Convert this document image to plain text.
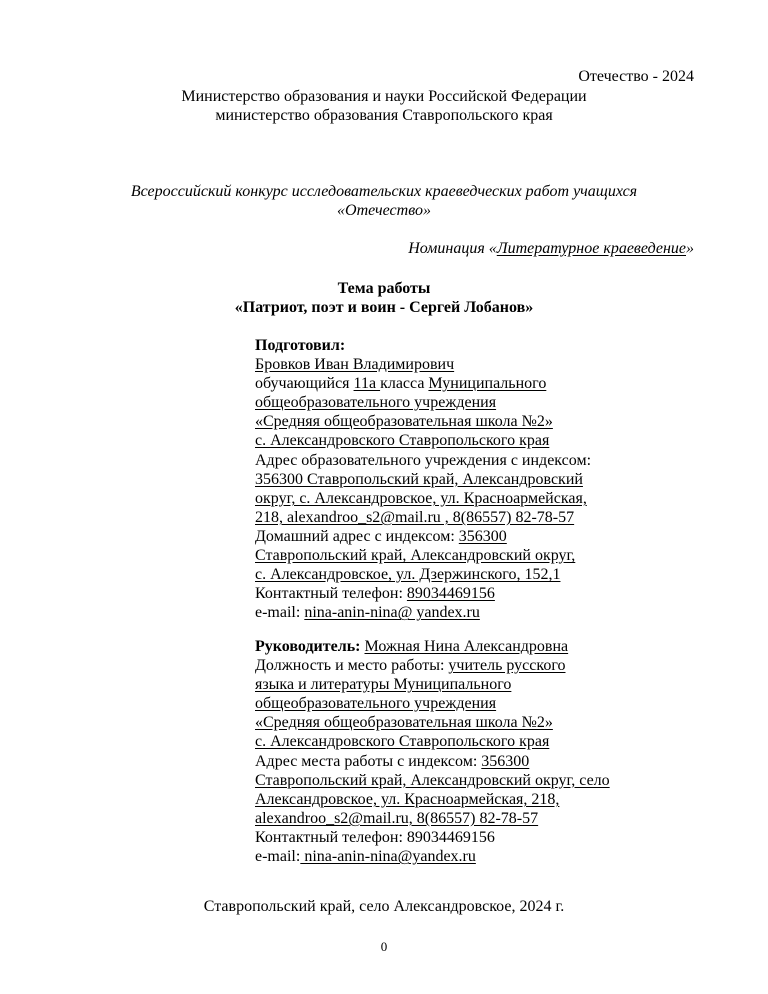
Отечество - 2024
Министерство образования и науки Российской Федерации
министерство образования Ставропольского края
Всероссийский конкурс исследовательских краеведческих работ учащихся
«Отечество»
Номинация «Литературное краеведение»
Тема работы
«Патриот, поэт и воин - Сергей Лобанов»
Подготовил:
Бровков Иван Владимирович
обучающийся 11а класса Муниципального
общеобразовательного учреждения
«Средняя общеобразовательная школа №2»
с. Александровского Ставропольского края
Адрес образовательного учреждения с индексом:
356300 Ставропольский край, Александровский
округ, с. Александровское, ул. Красноармейская,
218, alexandroo_s2@mail.ru , 8(86557) 82-78-57
Домашний адрес с индексом: 356300
Ставропольский край, Александровский округ,
с. Александровское, ул. Дзержинского, 152,1
Контактный телефон: 89034469156
e-mail: nina-anin-nina@ yandex.ru
Руководитель: Можная Нина Александровна
Должность и место работы: учитель русского
языка и литературы Муниципального
общеобразовательного учреждения
«Средняя общеобразовательная школа №2»
с. Александровского Ставропольского края
Адрес места работы с индексом: 356300
Ставропольский край, Александровский округ, село
Александровское, ул. Красноармейская, 218,
alexandroo_s2@mail.ru, 8(86557) 82-78-57
Контактный телефон: 89034469156
e-mail: nina-anin-nina@yandex.ru
Ставропольский край, село Александровское, 2024 г.
0
